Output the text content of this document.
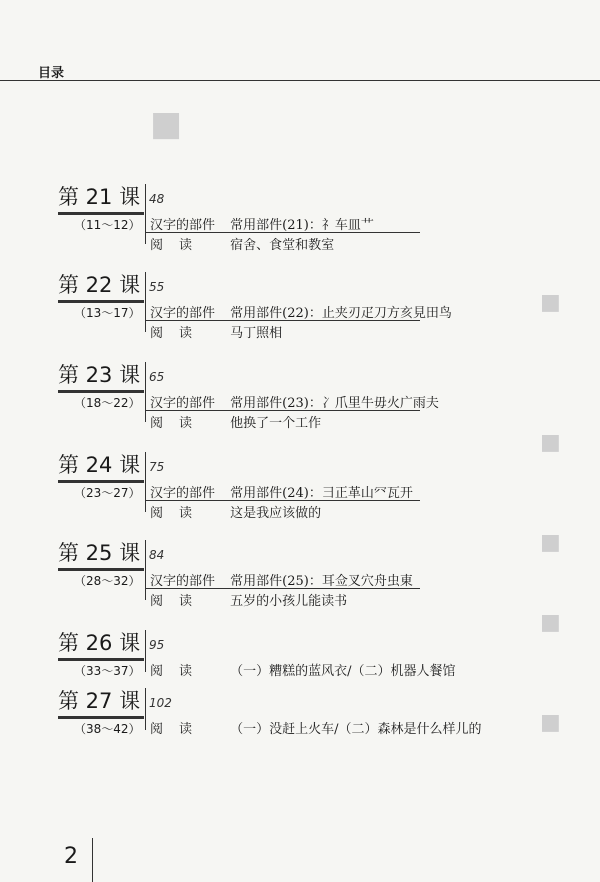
目录
■
■
■
■
■
■
第 21 课 48
（11～12） 汉字的部件 常用部件(21)：礻车皿艹
阅读 宿舍、食堂和教室
第 22 课 55
（13～17） 汉字的部件 常用部件(22)：止夹刃疋刀方亥見田鸟
阅读 马丁照相
第 23 课 65
（18～22） 汉字的部件 常用部件(23)：冫爪里牛毋火广雨夫
阅读 他换了一个工作
第 24 课 75
（23～27） 汉字的部件 常用部件(24)：彐正革山㓁瓦开
阅读 这是我应该做的
第 25 课 84
（28～32） 汉字的部件 常用部件(25)：耳佥叉穴舟虫東
阅读 五岁的小孩儿能读书
第 26 课 95
（33～37） 阅读 （一）糟糕的蓝风衣/（二）机器人餐馆
第 27 课 102
（38～42） 阅读 （一）没赶上火车/（二）森林是什么样儿的
2
